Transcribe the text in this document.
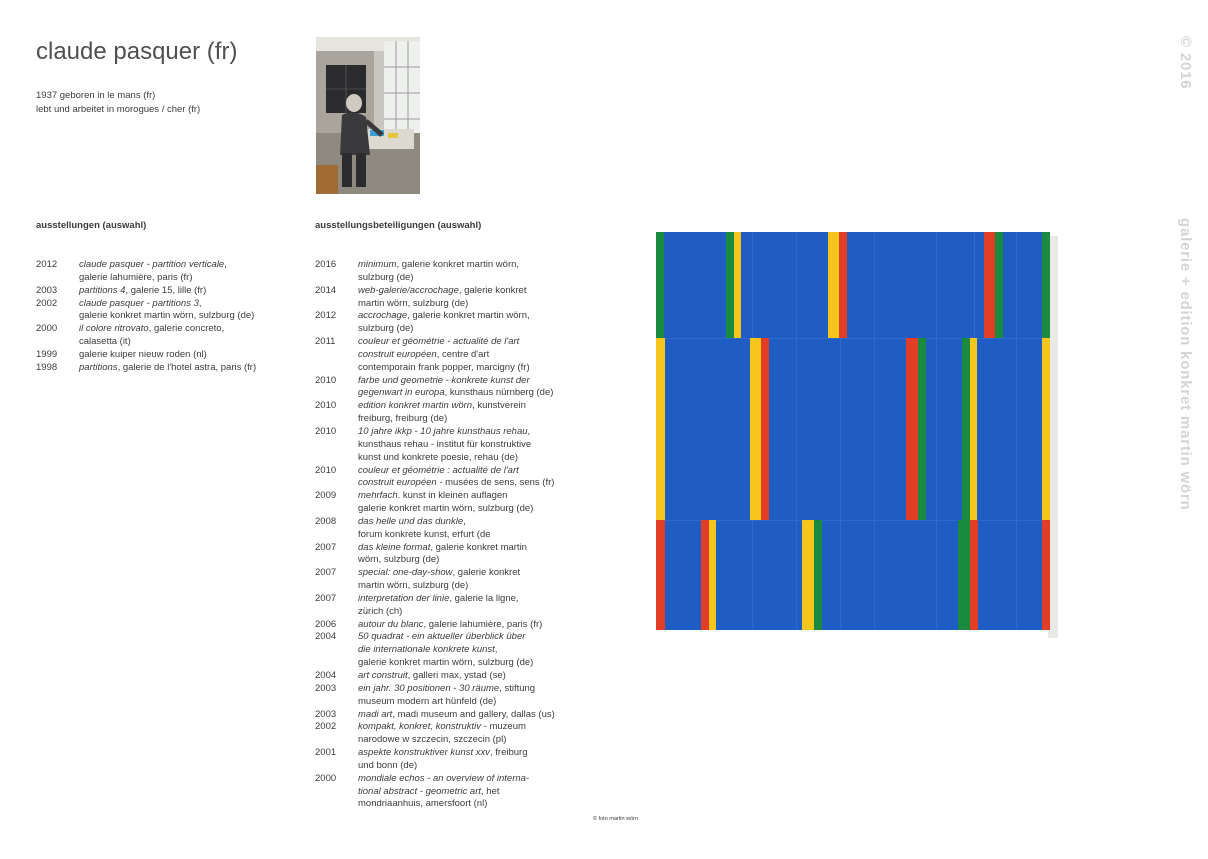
claude pasquer (fr)
1937 geboren in le mans (fr)
lebt und arbeitet in morogues / cher (fr)
ausstellungen (auswahl)	ausstellungsbeteiligungen (auswahl)
2012	claude pasquer - partition verticale,
galerie lahumière, paris (fr)
2003	partitions 4, galerie 15, lille (fr)
2002	claude pasquer - partitions 3,
galerie konkret martin wörn, sulzburg (de)
2000	il colore ritrovato, galerie concreto,
calasetta (it)
1999	galerie kuiper nieuw roden (nl)
1998	partitions, galerie de l'hotel astra, paris (fr)
2016	minimum, galerie konkret martin wörn,
sulzburg (de)
2014	web-galerie/accrochage, galerie konkret
martin wörn, sulzburg (de)
2012	accrochage, galerie konkret martin wörn,
sulzburg (de)
2011	couleur et géométrie - actualité de l'art
construit européen, centre d'art
contemporain frank popper, marcigny (fr)
2010	farbe und geometrie - konkrete kunst der
gegenwart in europa, kunsthaus nürnberg (de)
2010	edition konkret martin wörn, kunstverein
freiburg, freiburg (de)
2010	10 jahre ikkp - 10 jahre kunsthaus rehau,
kunsthaus rehau - institut für konstruktive
kunst und konkrete poesie, rehau (de)
2010	couleur et géométrie : actualité de l'art
construit européen - musées de sens, sens (fr)
2009	mehrfach. kunst in kleinen auflagen
galerie konkret martin wörn, sulzburg (de)
2008	das helle und das dunkle,
forum konkrete kunst, erfurt (de
2007	das kleine format, galerie konkret martin
wörn, sulzburg (de)
2007	special: one-day-show, galerie konkret
martin wörn, sulzburg (de)
2007	interpretation der linie, galerie la ligne,
zürich (ch)
2006	autour du blanc, galerie lahumière, paris (fr)
2004	50 quadrat - ein aktueller überblick über
die internationale konkrete kunst,
galerie konkret martin wörn, sulzburg (de)
2004	art construit, galleri max, ystad (se)
2003	ein jahr. 30 positionen - 30 räume, stiftung
museum modern art hünfeld (de)
2003	madi art, madi museum and gallery, dallas (us)
2002	kompakt, konkret, konstruktiv - muzeum
narodowe w szczecin, szczecin (pl)
2001	aspekte konstruktiver kunst xxv, freiburg
und bonn (de)
2000	mondiale echos - an overview of interna-
tional abstract - geometric art, het
mondriaanhuis, amersfoort (nl)
© foto martin wörn
© 2016
galerie + edition konkret martin wörn
